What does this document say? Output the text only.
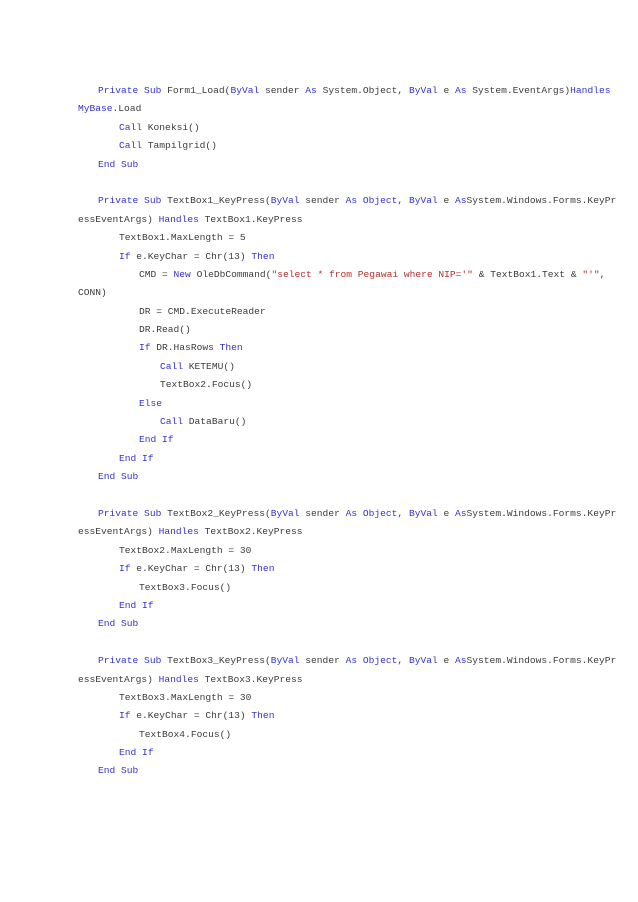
Private Sub Form1_Load(ByVal sender As System.Object, ByVal e As System.EventArgs)Handles
MyBase.Load
Call Koneksi()
Call Tampilgrid()
End Sub
Private Sub TextBox1_KeyPress(ByVal sender As Object, ByVal e AsSystem.Windows.Forms.KeyPr
essEventArgs) Handles TextBox1.KeyPress
TextBox1.MaxLength = 5
If e.KeyChar = Chr(13) Then
CMD = New OleDbCommand("select * from Pegawai where NIP='" & TextBox1.Text & "'",
CONN)
DR = CMD.ExecuteReader
DR.Read()
If DR.HasRows Then
Call KETEMU()
TextBox2.Focus()
Else
Call DataBaru()
End If
End If
End Sub
Private Sub TextBox2_KeyPress(ByVal sender As Object, ByVal e AsSystem.Windows.Forms.KeyPr
essEventArgs) Handles TextBox2.KeyPress
TextBox2.MaxLength = 30
If e.KeyChar = Chr(13) Then
TextBox3.Focus()
End If
End Sub
Private Sub TextBox3_KeyPress(ByVal sender As Object, ByVal e AsSystem.Windows.Forms.KeyPr
essEventArgs) Handles TextBox3.KeyPress
TextBox3.MaxLength = 30
If e.KeyChar = Chr(13) Then
TextBox4.Focus()
End If
End Sub
